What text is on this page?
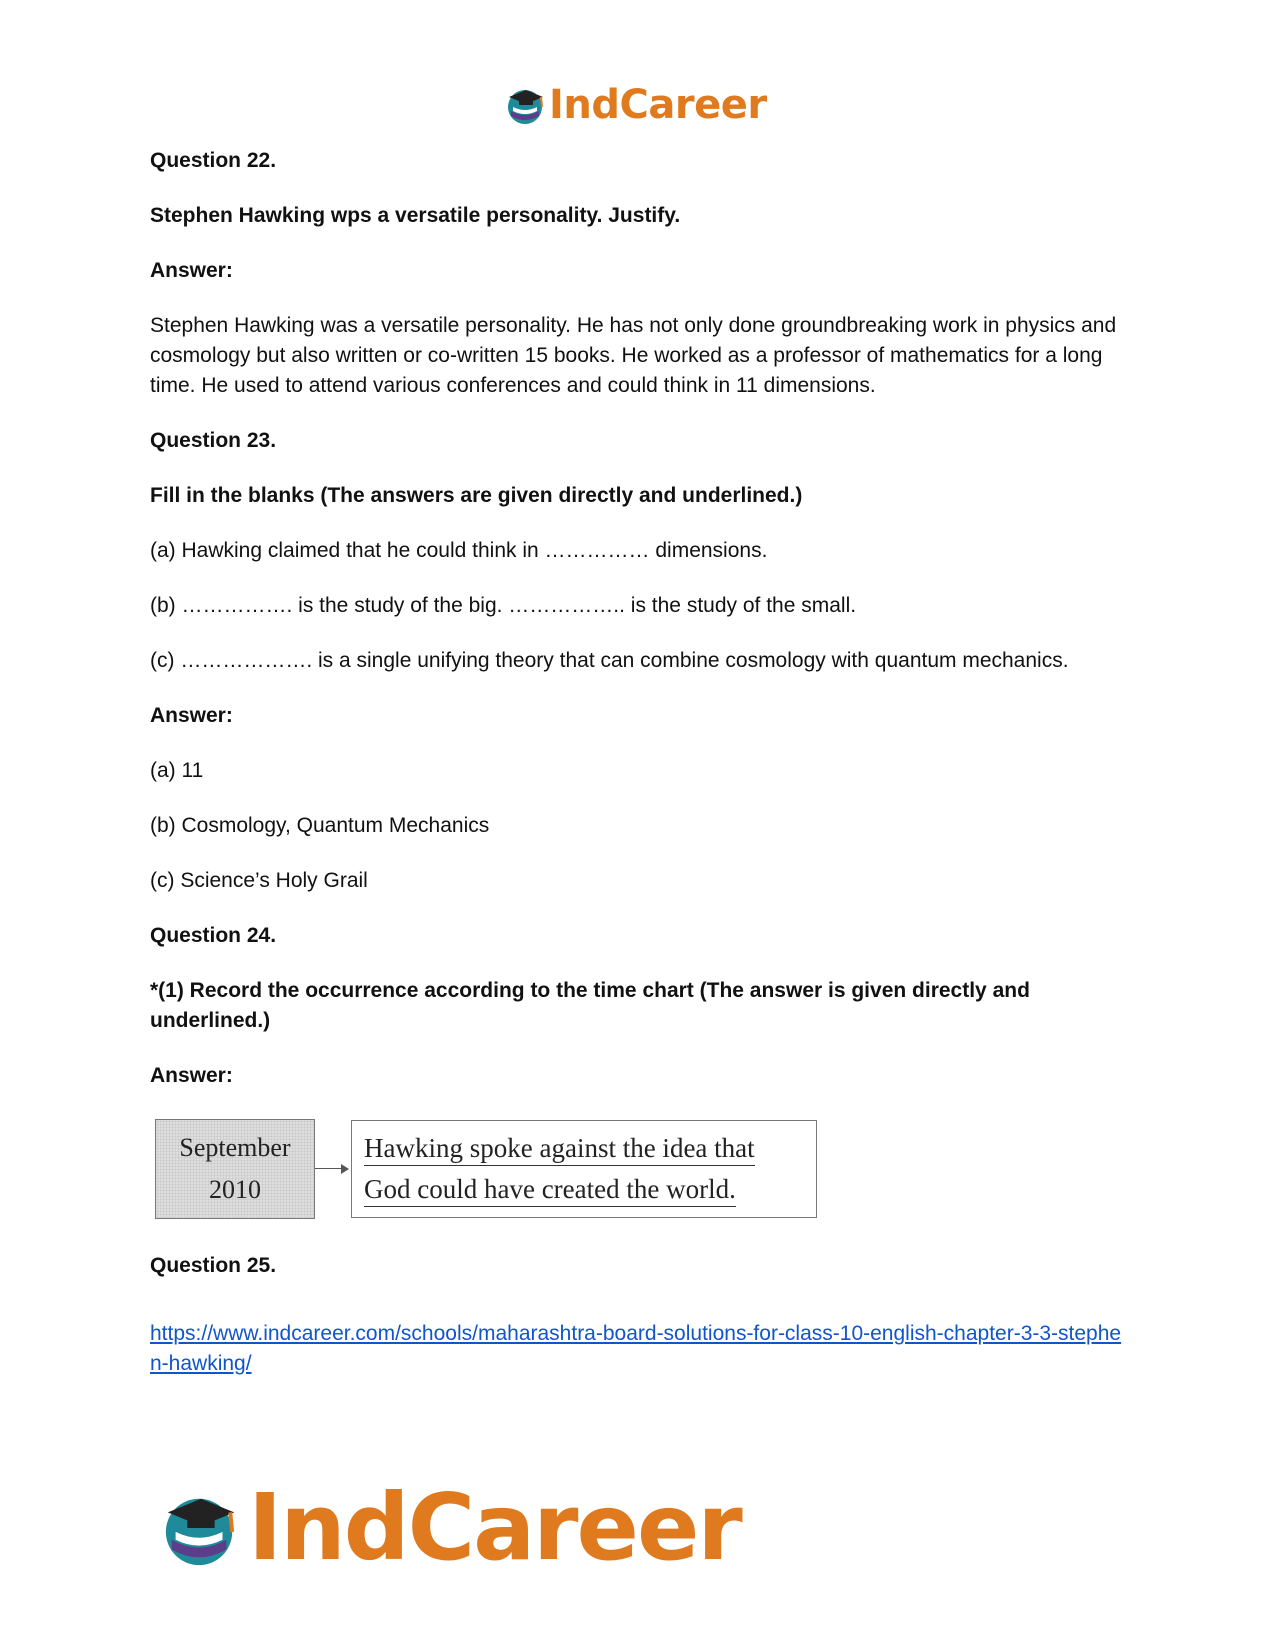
IndCareer

Question 22.

Stephen Hawking wps a versatile personality. Justify.

Answer:

Stephen Hawking was a versatile personality. He has not only done groundbreaking work in physics and cosmology but also written or co-written 15 books. He worked as a professor of mathematics for a long time. He used to attend various conferences and could think in 11 dimensions.

Question 23.

Fill in the blanks (The answers are given directly and underlined.)

(a) Hawking claimed that he could think in …………… dimensions.

(b) ……………. is the study of the big. …………….. is the study of the small.

(c) ………………. is a single unifying theory that can combine cosmology with quantum mechanics.

Answer:

(a) 11

(b) Cosmology, Quantum Mechanics

(c) Science’s Holy Grail

Question 24.

*(1) Record the occurrence according to the time chart (The answer is given directly and underlined.)

Answer:

September
2010
Hawking spoke against the idea that
God could have created the world.

Question 25.

https://www.indcareer.com/schools/maharashtra-board-solutions-for-class-10-english-chapter-3-3-stephen-hawking/

IndCareer
